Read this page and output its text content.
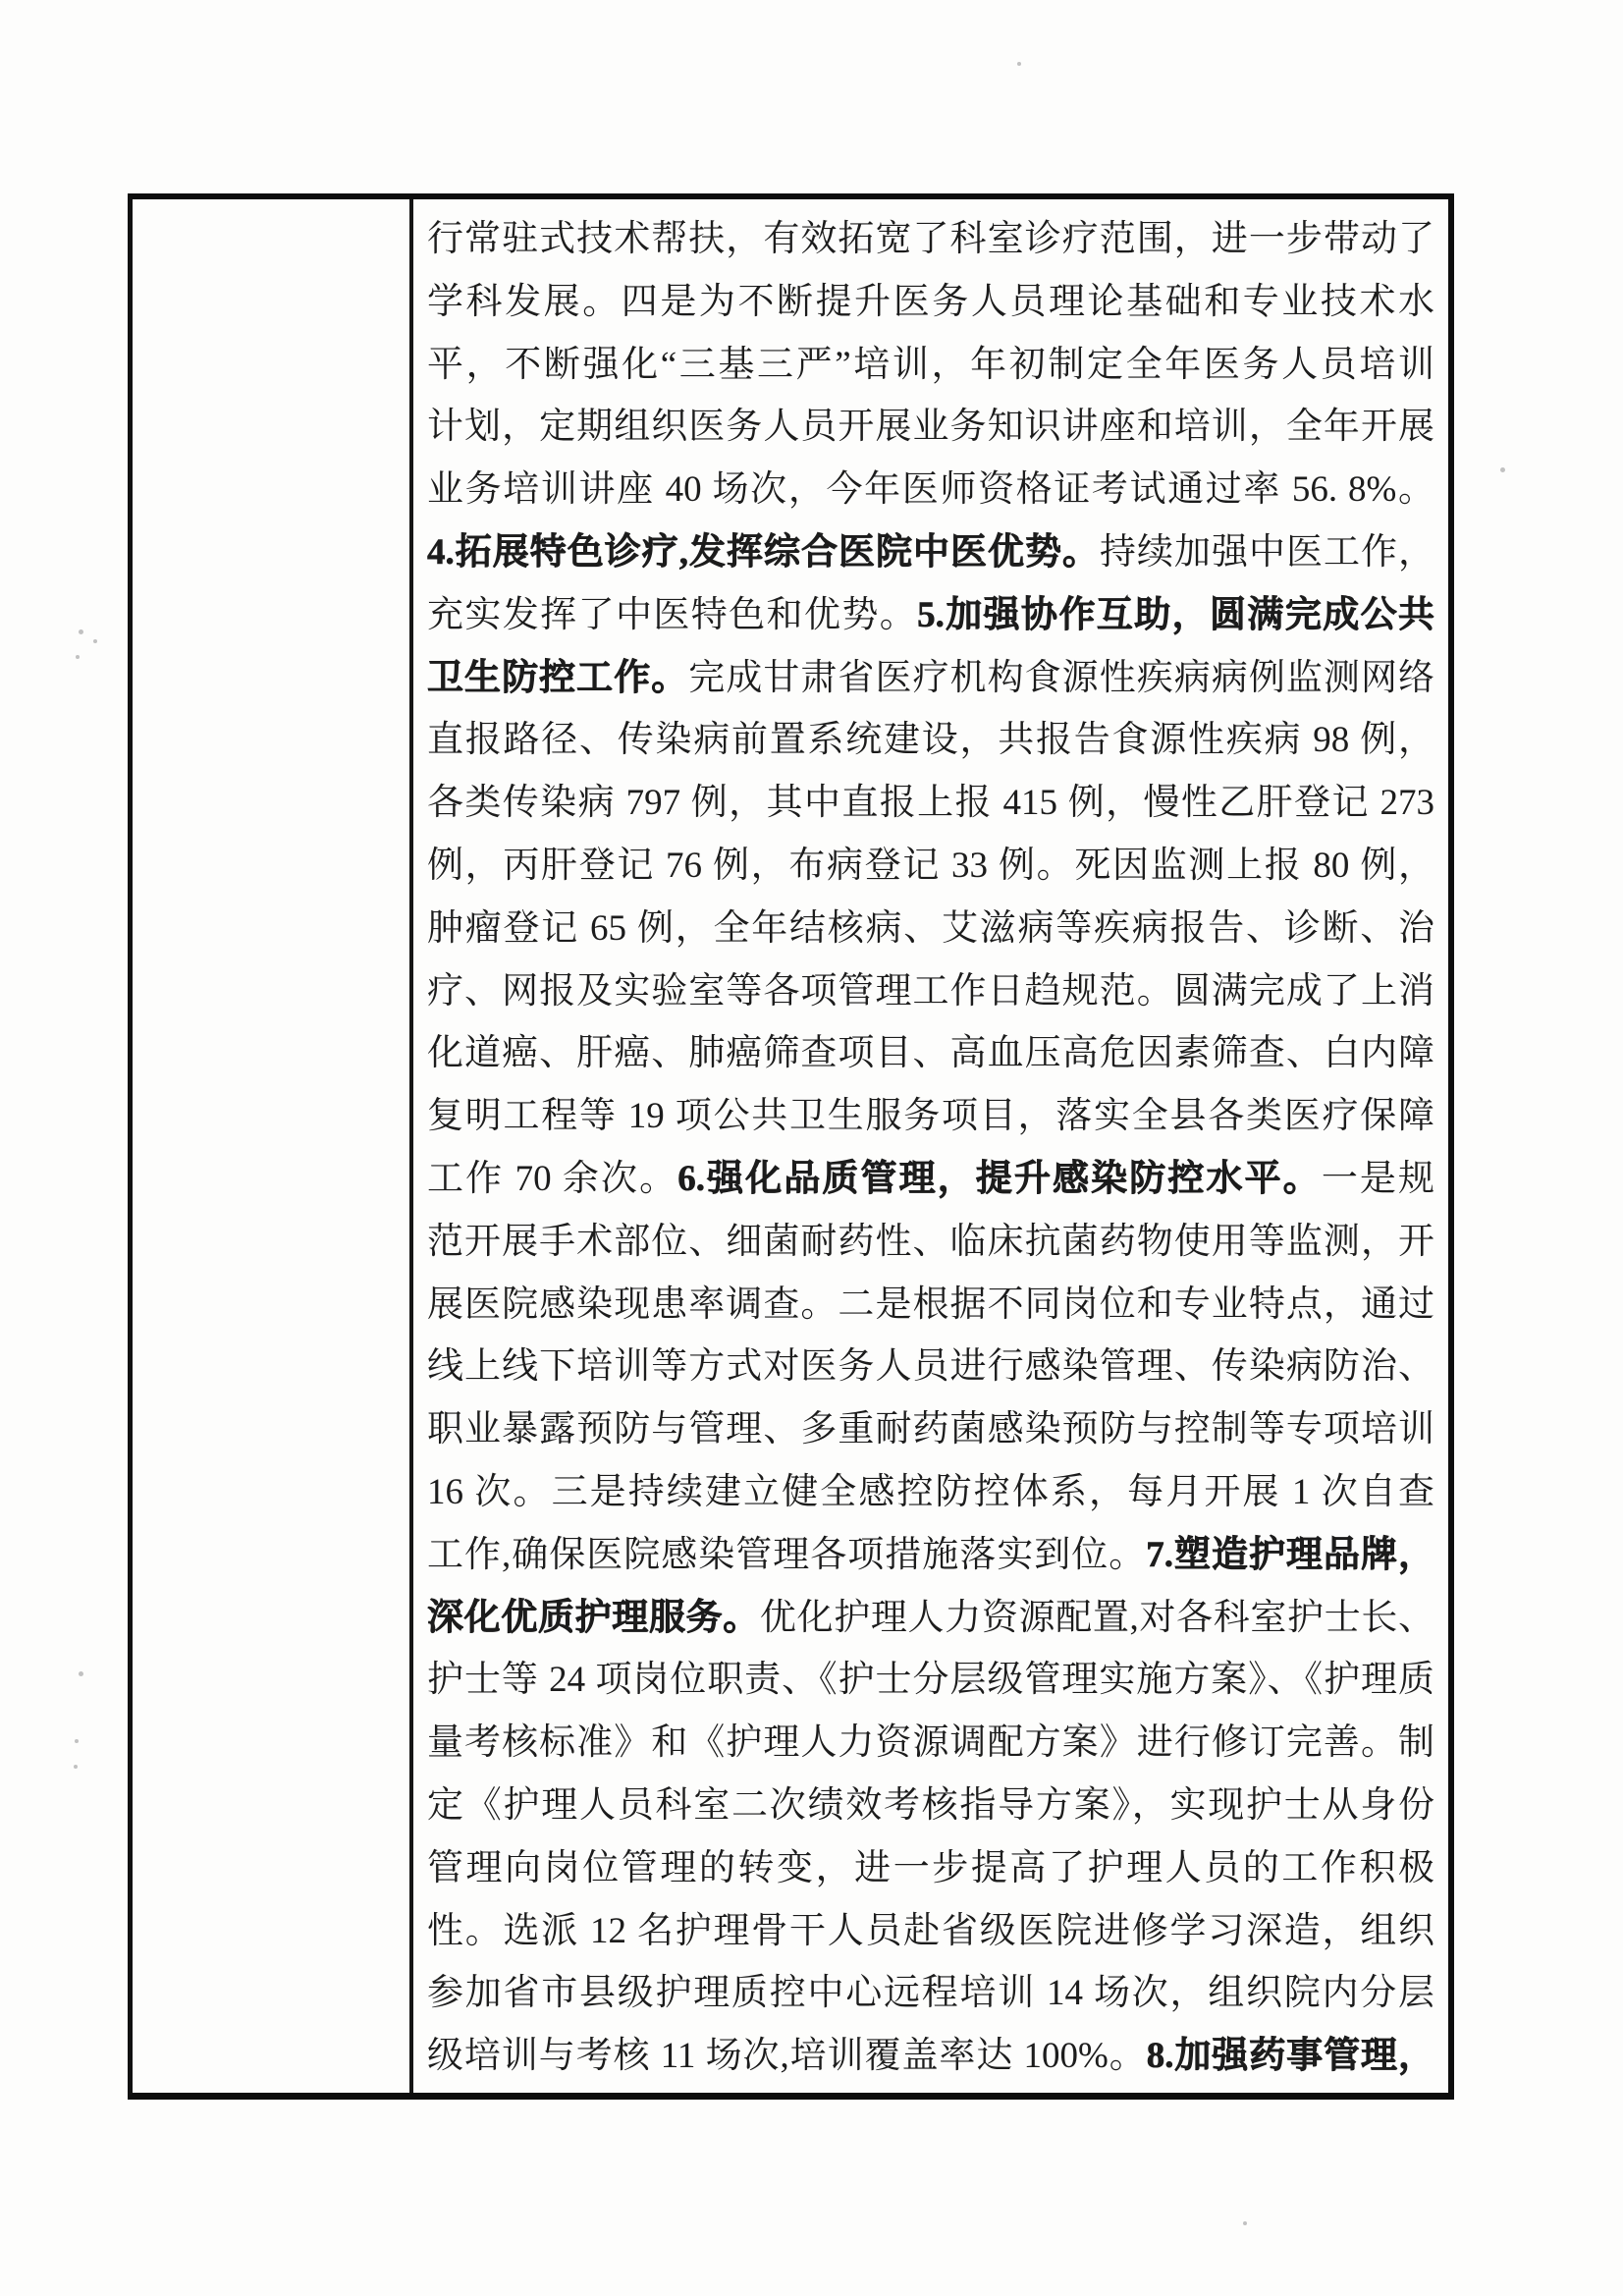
行常驻式技术帮扶，有效拓宽了科室诊疗范围，进一步带动了
学科发展。四是为不断提升医务人员理论基础和专业技术水
平，不断强化“三基三严”培训，年初制定全年医务人员培训
计划，定期组织医务人员开展业务知识讲座和培训，全年开展
业务培训讲座 40 场次，今年医师资格证考试通过率 56. 8%。
4.拓展特色诊疗,发挥综合医院中医优势。持续加强中医工作，
充实发挥了中医特色和优势。5.加强协作互助，圆满完成公共
卫生防控工作。完成甘肃省医疗机构食源性疾病病例监测网络
直报路径、传染病前置系统建设，共报告食源性疾病 98 例，
各类传染病 797 例，其中直报上报 415 例，慢性乙肝登记 273
例，丙肝登记 76 例，布病登记 33 例。死因监测上报 80 例，
肿瘤登记 65 例，全年结核病、艾滋病等疾病报告、诊断、治
疗、网报及实验室等各项管理工作日趋规范。圆满完成了上消
化道癌、肝癌、肺癌筛查项目、高血压高危因素筛查、白内障
复明工程等 19 项公共卫生服务项目，落实全县各类医疗保障
工作 70 余次。6.强化品质管理，提升感染防控水平。一是规
范开展手术部位、细菌耐药性、临床抗菌药物使用等监测，开
展医院感染现患率调查。二是根据不同岗位和专业特点，通过
线上线下培训等方式对医务人员进行感染管理、传染病防治、
职业暴露预防与管理、多重耐药菌感染预防与控制等专项培训
16 次。三是持续建立健全感控防控体系，每月开展 1 次自查
工作,确保医院感染管理各项措施落实到位。7.塑造护理品牌，
深化优质护理服务。优化护理人力资源配置,对各科室护士长、
护士等 24 项岗位职责、《护士分层级管理实施方案》、《护理质
量考核标准》和《护理人力资源调配方案》进行修订完善。制
定《护理人员科室二次绩效考核指导方案》，实现护士从身份
管理向岗位管理的转变，进一步提高了护理人员的工作积极
性。选派 12 名护理骨干人员赴省级医院进修学习深造，组织
参加省市县级护理质控中心远程培训 14 场次，组织院内分层
级培训与考核 11 场次,培训覆盖率达 100%。8.加强药事管理，
